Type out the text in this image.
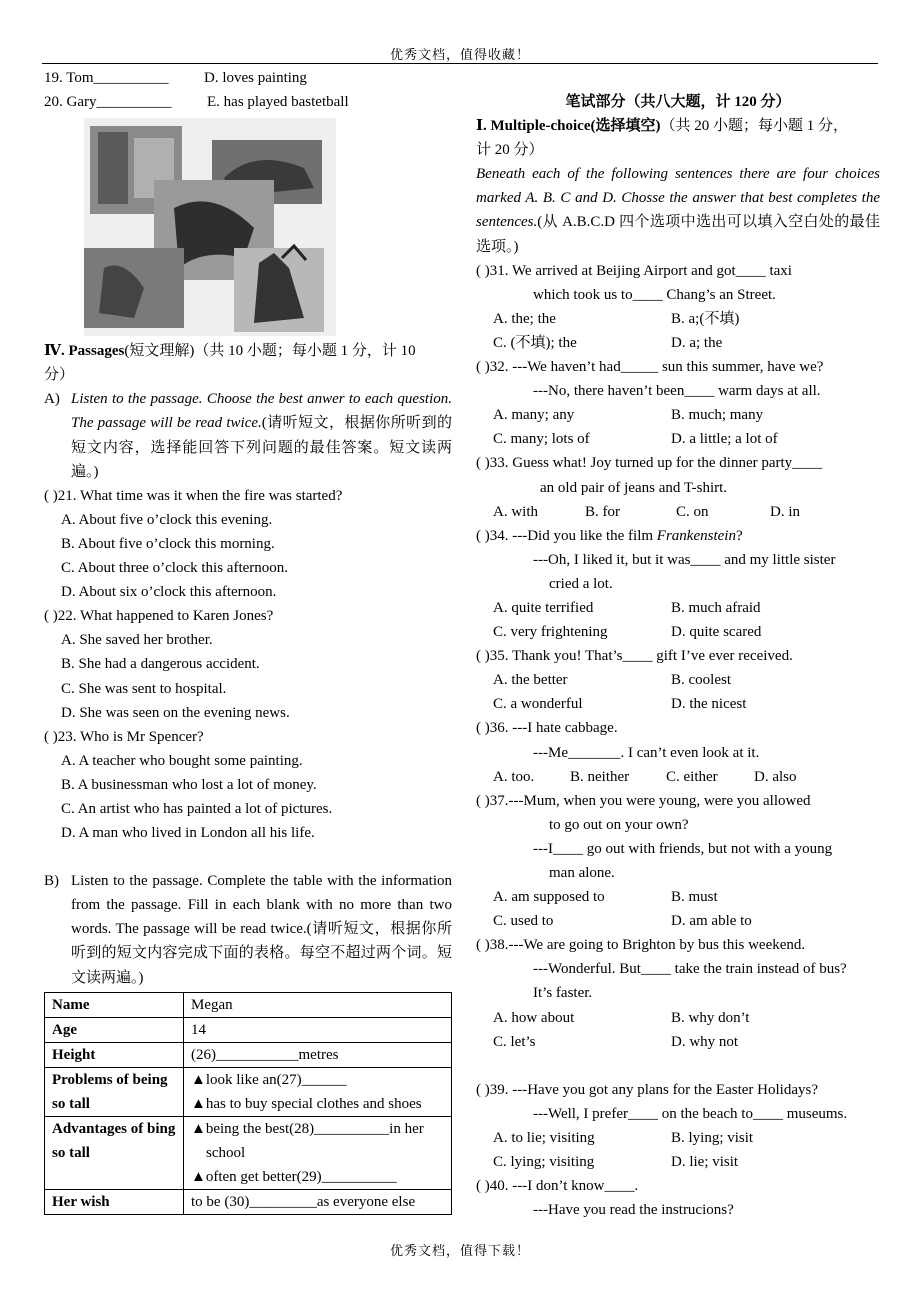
优秀文档，值得收藏！
19. Tom__________ D. loves painting
20. Gary__________ E. has played bastetball
Ⅳ. Passages(短文理解)（共 10 小题；每小题 1 分，计 10
分）
A) Listen to the passage. Choose the best anwer to each question. The passage will be read twice.(请听短文，根据你所听到的短文内容，选择能回答下列问题的最佳答案。短文读两遍。)
( )21. What time was it when the fire was started?
A. About five o’clock this evening.
B. About five o’clock this morning.
C. About three o’clock this afternoon.
D. About six o’clock this afternoon.
( )22. What happened to Karen Jones?
A. She saved her brother.
B. She had a dangerous accident.
C. She was sent to hospital.
D. She was seen on the evening news.
( )23. Who is Mr Spencer?
A. A teacher who bought some painting.
B. A businessman who lost a lot of money.
C. An artist who has painted a lot of pictures.
D. A man who lived in London all his life.
B) Listen to the passage. Complete the table with the information from the passage. Fill in each blank with no more than two words. The passage will be read twice.(请听短文，根据你所听到的短文内容完成下面的表格。每空不超过两个词。短文读两遍。)
Name	Megan
Age	14
Height	(26)___________metres
Problems of being so tall	▲look like an(27)______
▲has to buy special clothes and shoes

Advantages of bing so tall	▲being the best(28)__________in her school
▲often get better(29)__________

Her wish	to be (30)_________as everyone else
笔试部分（共八大题，计 120 分）
Ⅰ. Multiple-choice(选择填空)（共 20 小题；每小题 1 分，
计 20 分）
Beneath each of the following sentences there are four choices marked A. B. C and D. Chosse the answer that best completes the sentences.(从 A.B.C.D 四个选项中选出可以填入空白处的最佳选项。)
( )31. We arrived at Beijing Airport and got____ taxi
which took us to____ Chang’s an Street.
A. the; the	B. a;(不填)
C. (不填); the	D. a; the
( )32. ---We haven’t had_____ sun this summer, have we?
---No, there haven’t been____ warm days at all.
A. many; any	B. much; many
C. many; lots of	D. a little; a lot of
( )33. Guess what! Joy turned up for the dinner party____
an old pair of jeans and T-shirt.
A. with	B. for	C. on	D. in
( )34. ---Did you like the film Frankenstein?
---Oh, I liked it, but it was____ and my little sister
cried a lot.
A. quite terrified	B. much afraid
C. very frightening	D. quite scared
( )35. Thank you! That’s____ gift I’ve ever received.
A. the better	B. coolest
C. a wonderful	D. the nicest
( )36. ---I hate cabbage.
---Me_______. I can’t even look at it.
A. too.	B. neither	C. either	D. also
( )37.---Mum, when you were young, were you allowed
to go out on your own?
---I____ go out with friends, but not with a young
man alone.
A. am supposed to	B. must
C. used to	D. am able to
( )38.---We are going to Brighton by bus this weekend.
---Wonderful. But____ take the train instead of bus?
It’s faster.
A. how about	B. why don’t
C. let’s	D. why not
( )39. ---Have you got any plans for the Easter Holidays?
---Well, I prefer____ on the beach to____ museums.
A. to lie; visiting	B. lying; visit
C. lying; visiting	D. lie; visit
( )40. ---I don’t know____.
---Have you read the instrucions?
优秀文档，值得下载！
